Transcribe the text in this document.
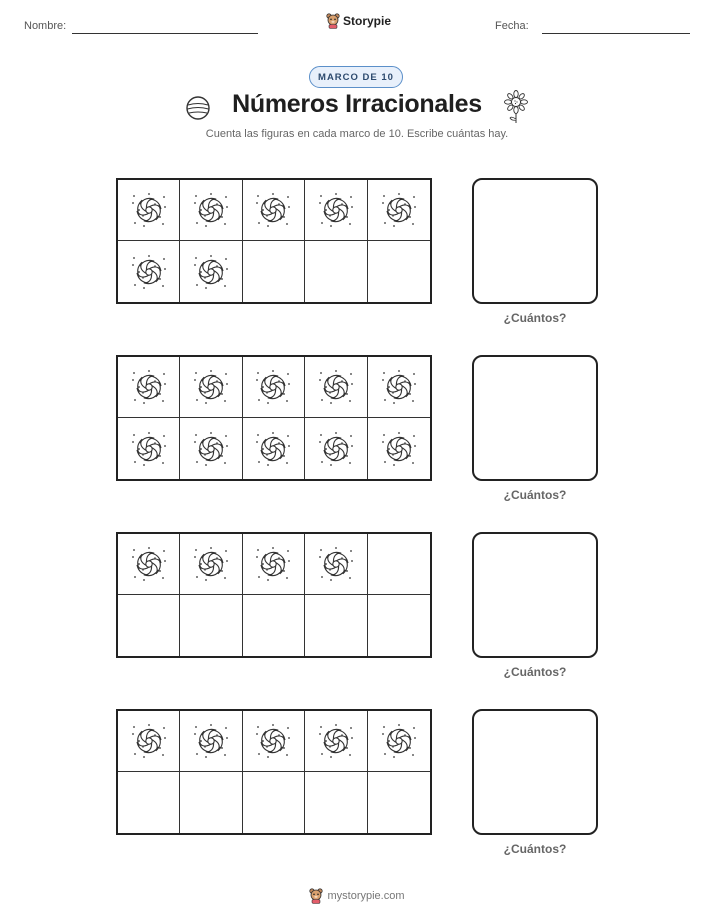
Nombre:	Storypie	Fecha:
MARCO DE 10
Números Irracionales
Cuenta las figuras en cada marco de 10. Escribe cuántas hay.
¿Cuántos?
¿Cuántos?
¿Cuántos?
¿Cuántos?
mystorypie.com
